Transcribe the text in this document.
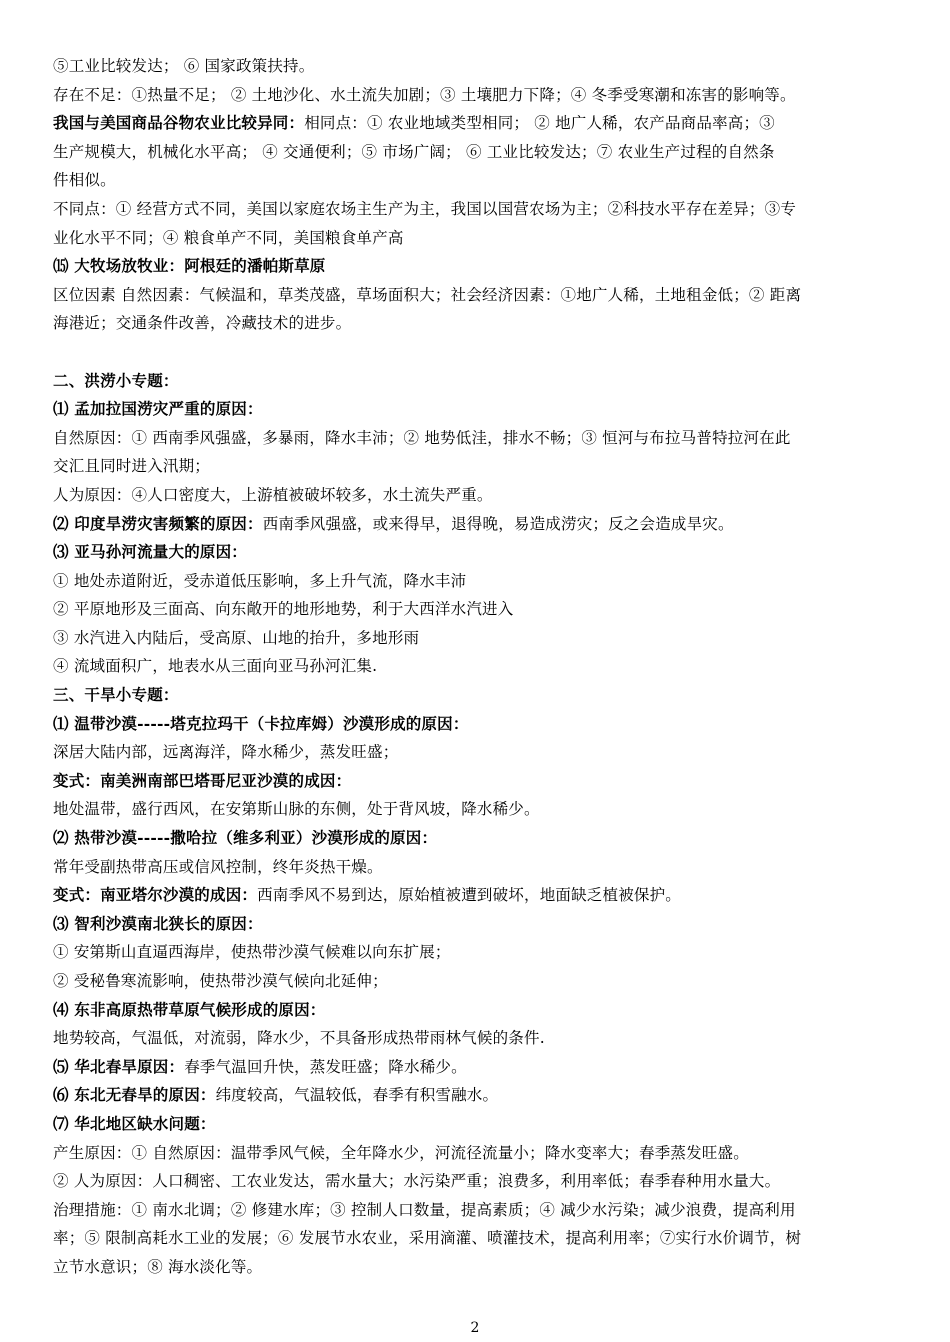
⑤工业比较发达； ⑥ 国家政策扶持。
存在不足：①热量不足； ② 土地沙化、水土流失加剧；③ 土壤肥力下降；④ 冬季受寒潮和冻害的影响等。
我国与美国商品谷物农业比较异同：相同点：① 农业地域类型相同； ② 地广人稀，农产品商品率高；③
生产规模大，机械化水平高； ④ 交通便利；⑤ 市场广阔； ⑥ 工业比较发达；⑦ 农业生产过程的自然条
件相似。
不同点：① 经营方式不同，美国以家庭农场主生产为主，我国以国营农场为主；②科技水平存在差异；③专
业化水平不同；④ 粮食单产不同，美国粮食单产高
⒂ 大牧场放牧业：阿根廷的潘帕斯草原
区位因素 自然因素：气候温和，草类茂盛，草场面积大；社会经济因素：①地广人稀，土地租金低；② 距离
海港近；交通条件改善，冷藏技术的进步。
二、洪涝小专题：
⑴ 孟加拉国涝灾严重的原因：
自然原因：① 西南季风强盛，多暴雨，降水丰沛；② 地势低洼，排水不畅；③ 恒河与布拉马普特拉河在此
交汇且同时进入汛期；
人为原因：④人口密度大，上游植被破坏较多，水土流失严重。
⑵ 印度旱涝灾害频繁的原因：西南季风强盛，或来得早，退得晚，易造成涝灾；反之会造成旱灾。
⑶ 亚马孙河流量大的原因：
① 地处赤道附近，受赤道低压影响，多上升气流，降水丰沛
② 平原地形及三面高、向东敞开的地形地势，利于大西洋水汽进入
③ 水汽进入内陆后，受高原、山地的抬升，多地形雨
④ 流域面积广，地表水从三面向亚马孙河汇集.
三、干旱小专题：
⑴ 温带沙漠-----塔克拉玛干（卡拉库姆）沙漠形成的原因：
深居大陆内部，远离海洋，降水稀少，蒸发旺盛；
变式：南美洲南部巴塔哥尼亚沙漠的成因：
地处温带，盛行西风，在安第斯山脉的东侧，处于背风坡，降水稀少。
⑵ 热带沙漠-----撒哈拉（维多利亚）沙漠形成的原因：
常年受副热带高压或信风控制，终年炎热干燥。
变式：南亚塔尔沙漠的成因：西南季风不易到达，原始植被遭到破坏，地面缺乏植被保护。
⑶ 智利沙漠南北狭长的原因：
① 安第斯山直逼西海岸，使热带沙漠气候难以向东扩展；
② 受秘鲁寒流影响，使热带沙漠气候向北延伸；
⑷ 东非高原热带草原气候形成的原因：
地势较高，气温低，对流弱，降水少，不具备形成热带雨林气候的条件.
⑸ 华北春旱原因：春季气温回升快，蒸发旺盛；降水稀少。
⑹ 东北无春旱的原因：纬度较高，气温较低，春季有积雪融水。
⑺ 华北地区缺水问题：
产生原因：① 自然原因：温带季风气候，全年降水少，河流径流量小；降水变率大；春季蒸发旺盛。
② 人为原因：人口稠密、工农业发达，需水量大；水污染严重；浪费多，利用率低；春季春种用水量大。
治理措施：① 南水北调；② 修建水库；③ 控制人口数量，提高素质；④ 减少水污染；减少浪费，提高利用
率；⑤ 限制高耗水工业的发展；⑥ 发展节水农业，采用滴灌、喷灌技术，提高利用率；⑦实行水价调节，树
立节水意识；⑧ 海水淡化等。
2
